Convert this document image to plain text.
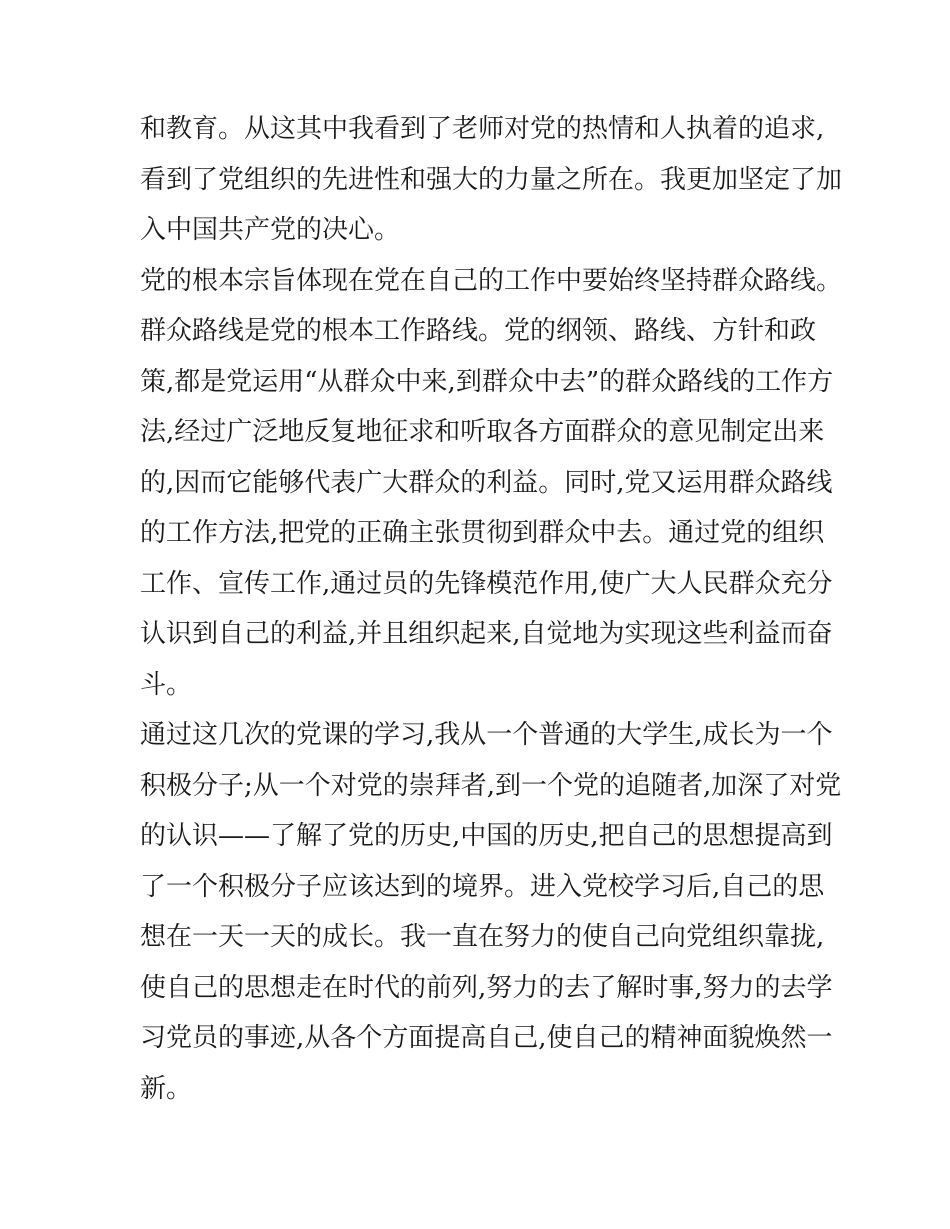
和教育。从这其中我看到了老师对党的热情和人执着的追求,
看到了党组织的先进性和强大的力量之所在。我更加坚定了加
入中国共产党的决心。
党的根本宗旨体现在党在自己的工作中要始终坚持群众路线。
群众路线是党的根本工作路线。党的纲领、路线、方针和政
策,都是党运用“从群众中来,到群众中去”的群众路线的工作方
法,经过广泛地反复地征求和听取各方面群众的意见制定出来
的,因而它能够代表广大群众的利益。同时,党又运用群众路线
的工作方法,把党的正确主张贯彻到群众中去。通过党的组织
工作、宣传工作,通过员的先锋模范作用,使广大人民群众充分
认识到自己的利益,并且组织起来,自觉地为实现这些利益而奋
斗。
通过这几次的党课的学习,我从一个普通的大学生,成长为一个
积极分子;从一个对党的崇拜者,到一个党的追随者,加深了对党
的认识——了解了党的历史,中国的历史,把自己的思想提高到
了一个积极分子应该达到的境界。进入党校学习后,自己的思
想在一天一天的成长。我一直在努力的使自己向党组织靠拢,
使自己的思想走在时代的前列,努力的去了解时事,努力的去学
习党员的事迹,从各个方面提高自己,使自己的精神面貌焕然一
新。
